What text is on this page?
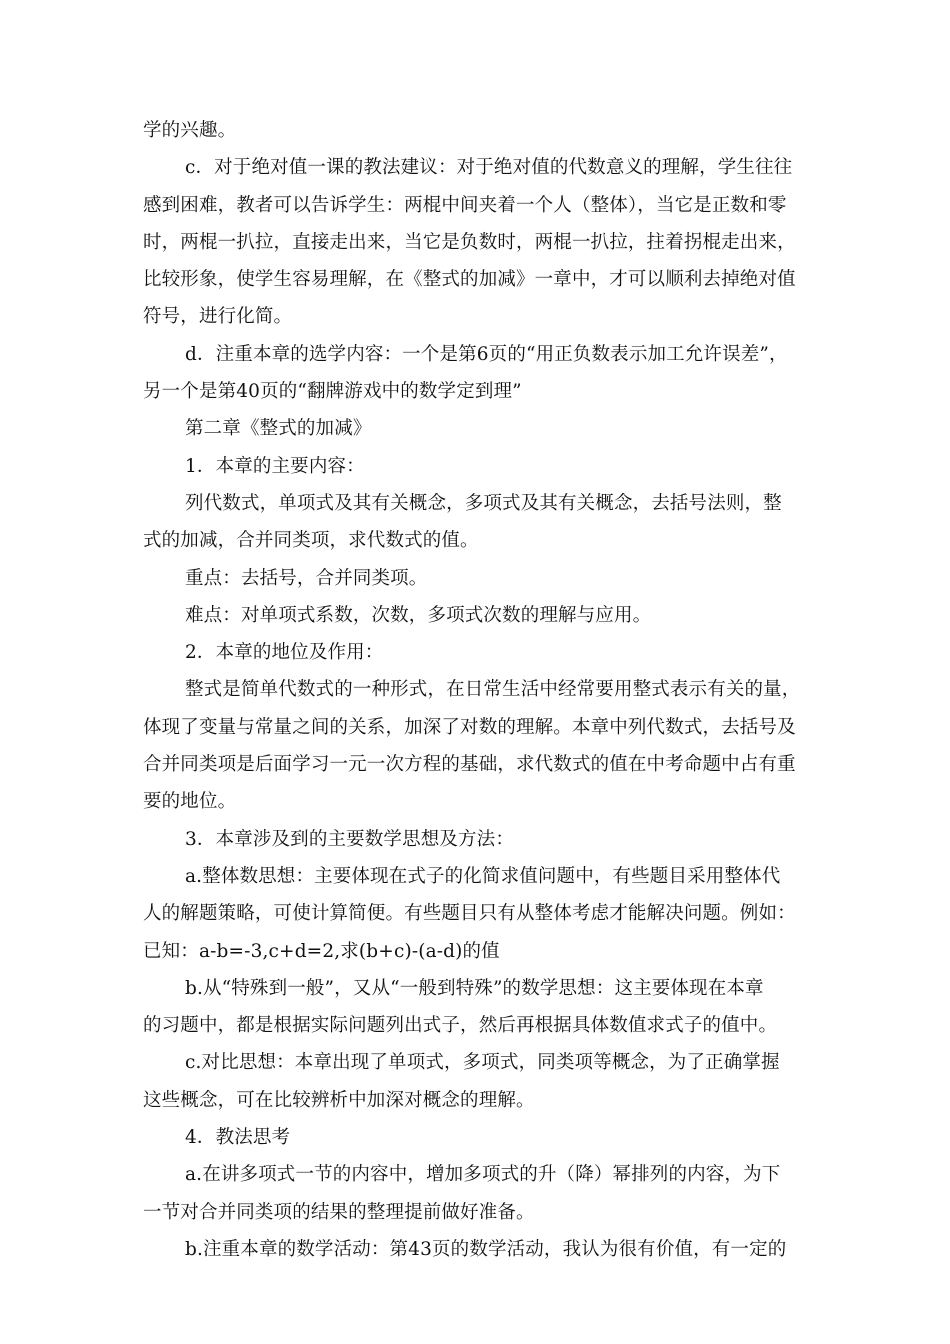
学的兴趣。
c．对于绝对值一课的教法建议：对于绝对值的代数意义的理解，学生往往
感到困难，教者可以告诉学生：两棍中间夹着一个人（整体），当它是正数和零
时，两棍一扒拉，直接走出来，当它是负数时，两棍一扒拉，拄着拐棍走出来，
比较形象，使学生容易理解，在《整式的加减》一章中，才可以顺利去掉绝对值
符号，进行化简。
d．注重本章的选学内容：一个是第6页的“用正负数表示加工允许误差”，
另一个是第40页的“翻牌游戏中的数学定到理”
第二章《整式的加减》
1．本章的主要内容：
列代数式，单项式及其有关概念，多项式及其有关概念，去括号法则，整
式的加减，合并同类项，求代数式的值。
重点：去括号，合并同类项。
难点：对单项式系数，次数，多项式次数的理解与应用。
2．本章的地位及作用：
整式是简单代数式的一种形式，在日常生活中经常要用整式表示有关的量，
体现了变量与常量之间的关系，加深了对数的理解。本章中列代数式，去括号及
合并同类项是后面学习一元一次方程的基础，求代数式的值在中考命题中占有重
要的地位。
3．本章涉及到的主要数学思想及方法：
a.整体数思想：主要体现在式子的化简求值问题中，有些题目采用整体代
人的解题策略，可使计算简便。有些题目只有从整体考虑才能解决问题。例如：
已知：a-b=-3,c+d=2,求(b+c)-(a-d)的值
b.从“特殊到一般”，又从“一般到特殊”的数学思想：这主要体现在本章
的习题中，都是根据实际问题列出式子，然后再根据具体数值求式子的值中。
c.对比思想：本章出现了单项式，多项式，同类项等概念，为了正确掌握
这些概念，可在比较辨析中加深对概念的理解。
4．教法思考
a.在讲多项式一节的内容中，增加多项式的升（降）幂排列的内容，为下
一节对合并同类项的结果的整理提前做好准备。
b.注重本章的数学活动：第43页的数学活动，我认为很有价值，有一定的
